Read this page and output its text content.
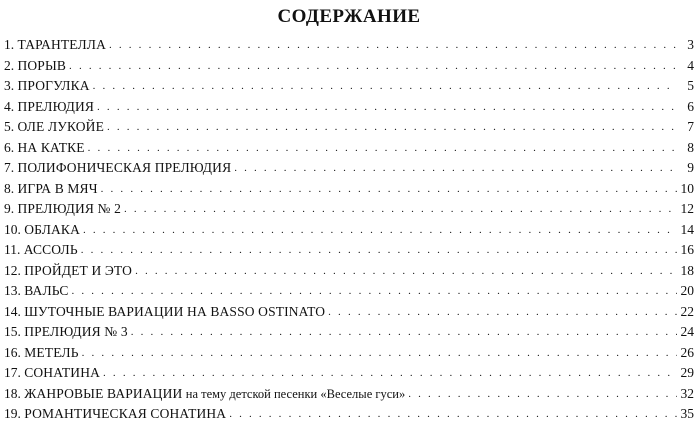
СОДЕРЖАНИЕ
1. ТАРАНТЕЛЛА . . .	3
2. ПОРЫВ . . .	4
3. ПРОГУЛКА . . .	5
4. ПРЕЛЮДИЯ . . .	6
5. ОЛЕ ЛУКОЙЕ . . .	7
6. НА КАТКЕ . . .	8
7. ПОЛИФОНИЧЕСКАЯ ПРЕЛЮДИЯ . . .	9
8. ИГРА В МЯЧ . . .	10
9. ПРЕЛЮДИЯ № 2 . . .	12
10. ОБЛАКА . . .	14
11. АССОЛЬ . . .	16
12. ПРОЙДЕТ И ЭТО . . .	18
13. ВАЛЬС . . .	20
14. ШУТОЧНЫЕ ВАРИАЦИИ НА BASSO OSTINATO . . .	22
15. ПРЕЛЮДИЯ № 3 . . .	24
16. МЕТЕЛЬ . . .	26
17. СОНАТИНА . . .	29
18. ЖАНРОВЫЕ ВАРИАЦИИ на тему детской песенки «Веселые гуси» . . .	32
19. РОМАНТИЧЕСКАЯ СОНАТИНА . . .	35
